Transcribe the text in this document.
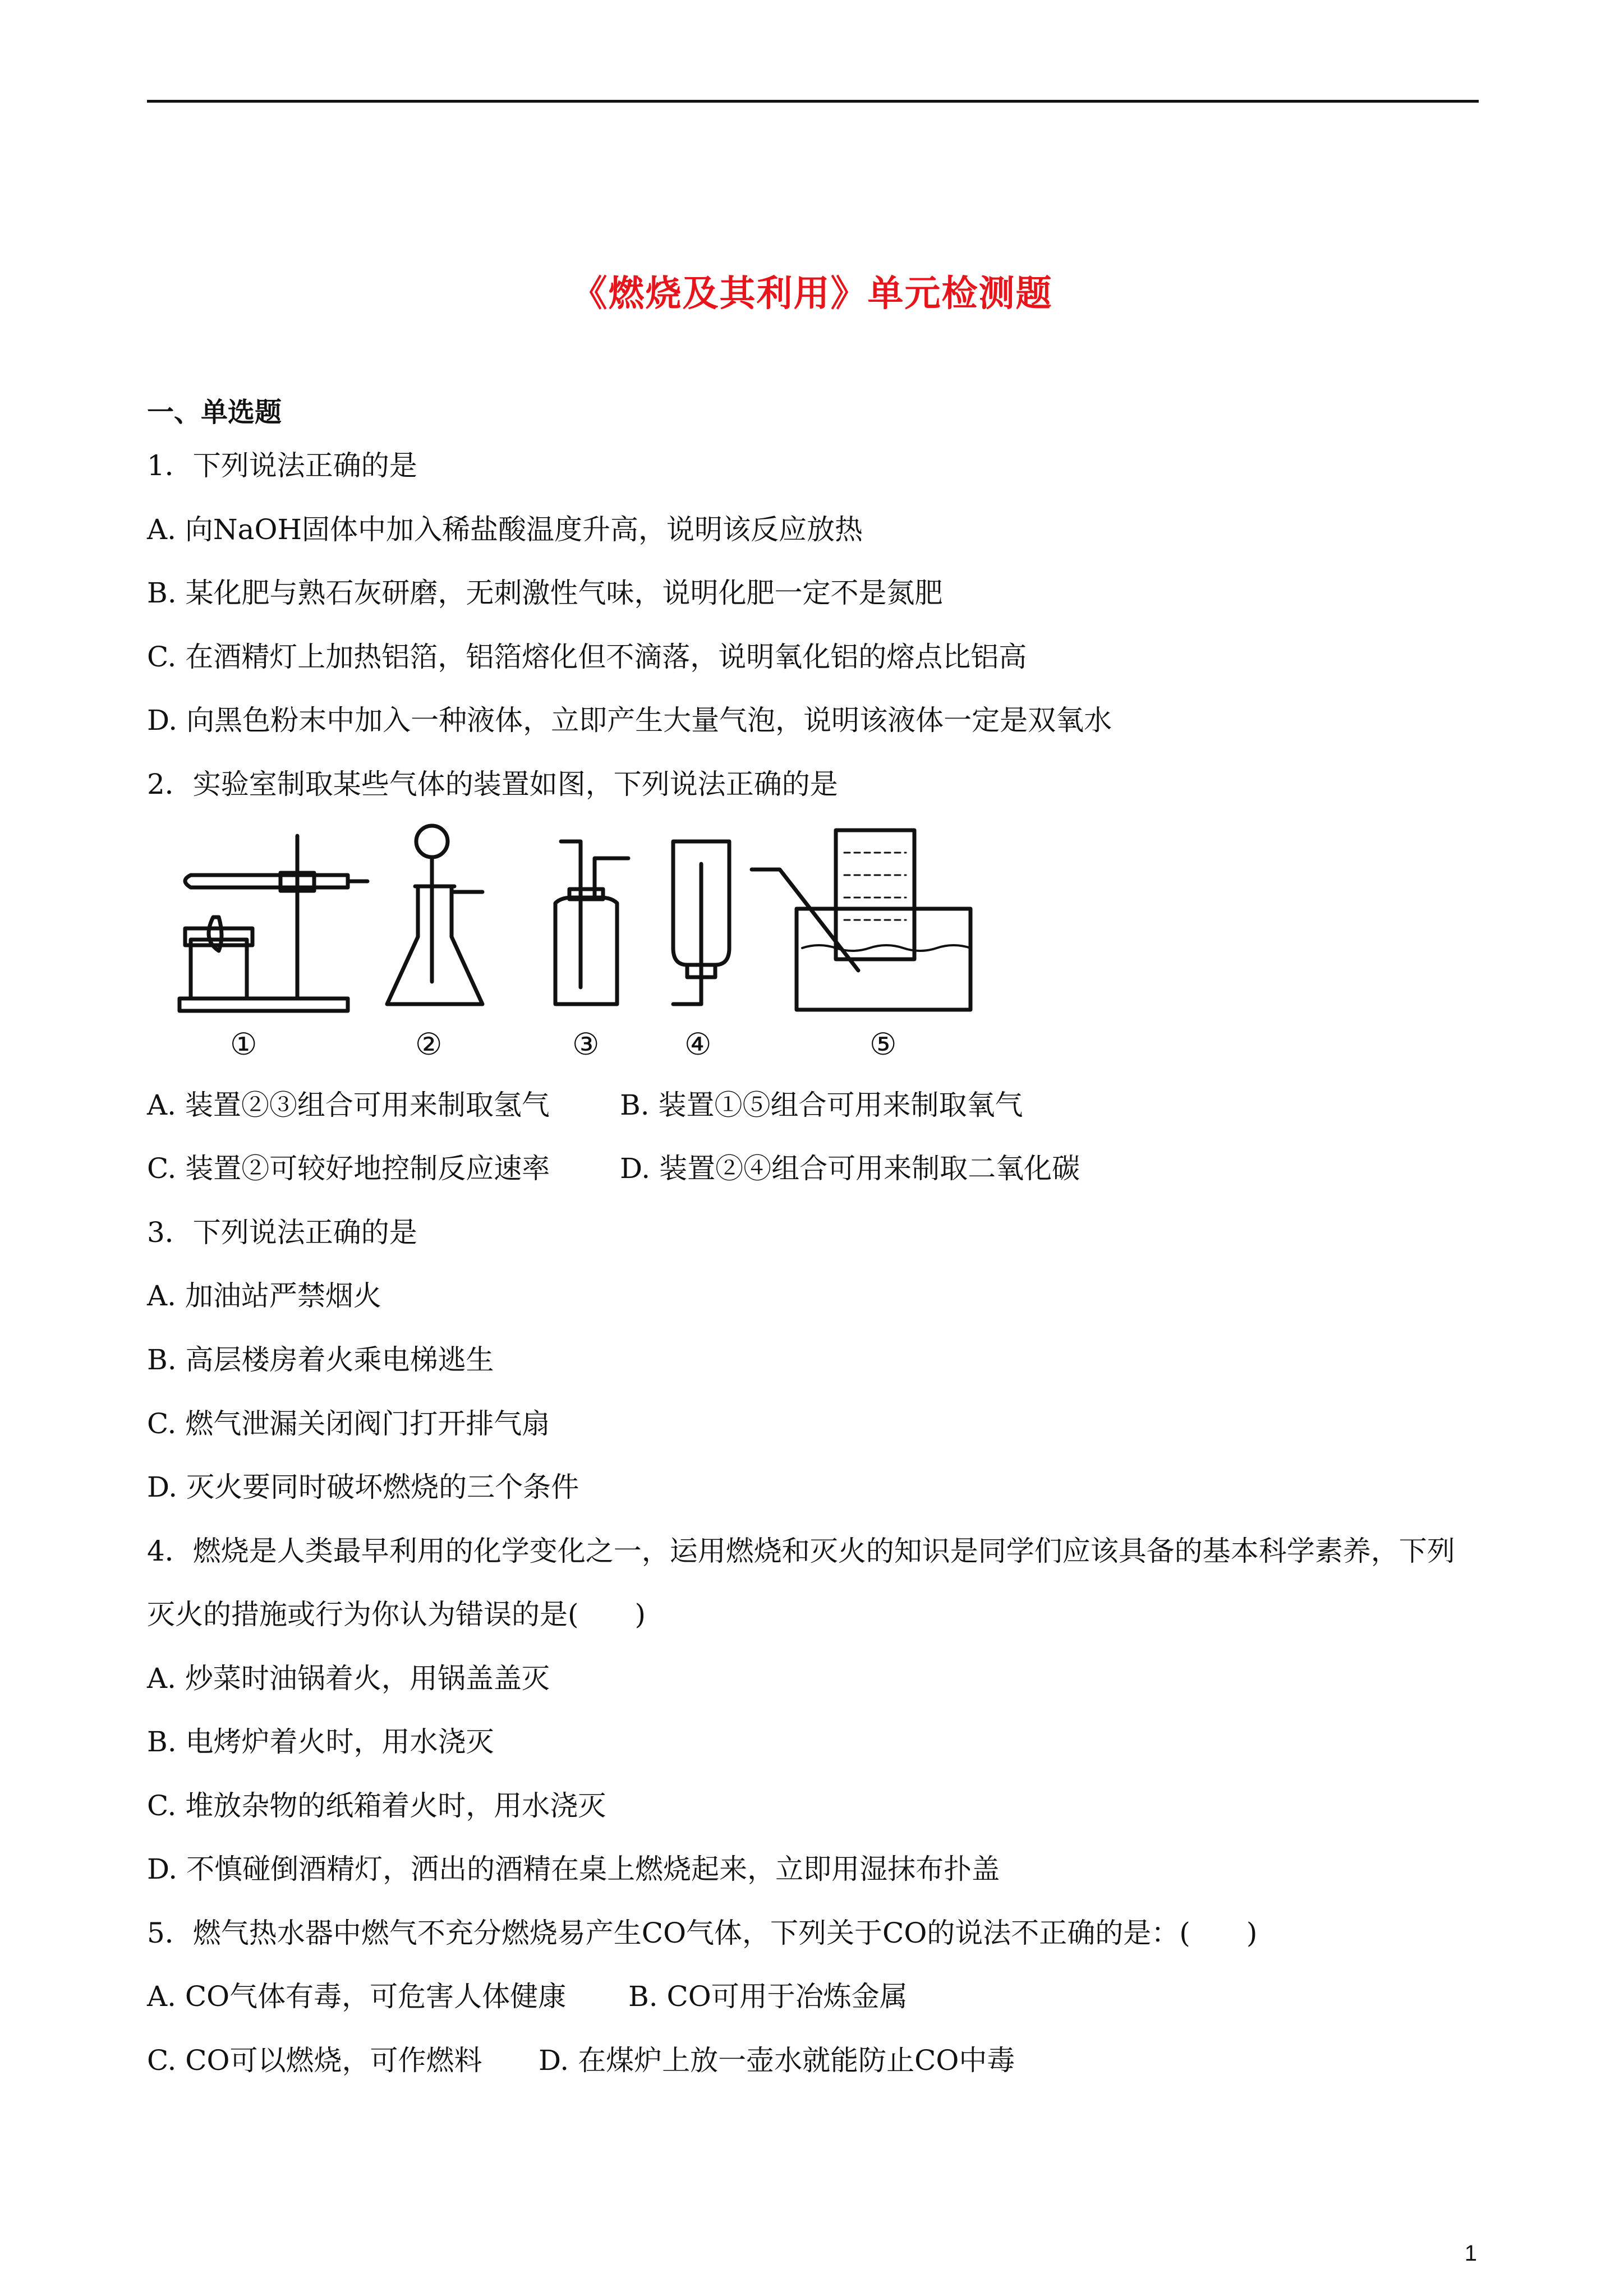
《燃烧及其利用》单元检测题
一、单选题
1．下列说法正确的是
A. 向NaOH固体中加入稀盐酸温度升高，说明该反应放热
B. 某化肥与熟石灰研磨，无刺激性气味，说明化肥一定不是氮肥
C. 在酒精灯上加热铝箔，铝箔熔化但不滴落，说明氧化铝的熔点比铝高
D. 向黑色粉末中加入一种液体，立即产生大量气泡，说明该液体一定是双氧水
2．实验室制取某些气体的装置如图，下列说法正确的是
①	②	③	④	⑤
A. 装置②③组合可用来制取氢气	B. 装置①⑤组合可用来制取氧气
C. 装置②可较好地控制反应速率 D. 装置②④组合可用来制取二氧化碳
3．下列说法正确的是
A. 加油站严禁烟火
B. 高层楼房着火乘电梯逃生
C. 燃气泄漏关闭阀门打开排气扇
D. 灭火要同时破坏燃烧的三个条件
4．燃烧是人类最早利用的化学变化之一，运用燃烧和灭火的知识是同学们应该具备的基本科学素养，下列
灭火的措施或行为你认为错误的是(　　)
A. 炒菜时油锅着火，用锅盖盖灭
B. 电烤炉着火时，用水浇灭
C. 堆放杂物的纸箱着火时，用水浇灭
D. 不慎碰倒酒精灯，洒出的酒精在桌上燃烧起来，立即用湿抹布扑盖
5．燃气热水器中燃气不充分燃烧易产生CO气体，下列关于CO的说法不正确的是：(　　)
A. CO气体有毒，可危害人体健康 B. CO可用于冶炼金属
C. CO可以燃烧，可作燃料 D. 在煤炉上放一壶水就能防止CO中毒
1
